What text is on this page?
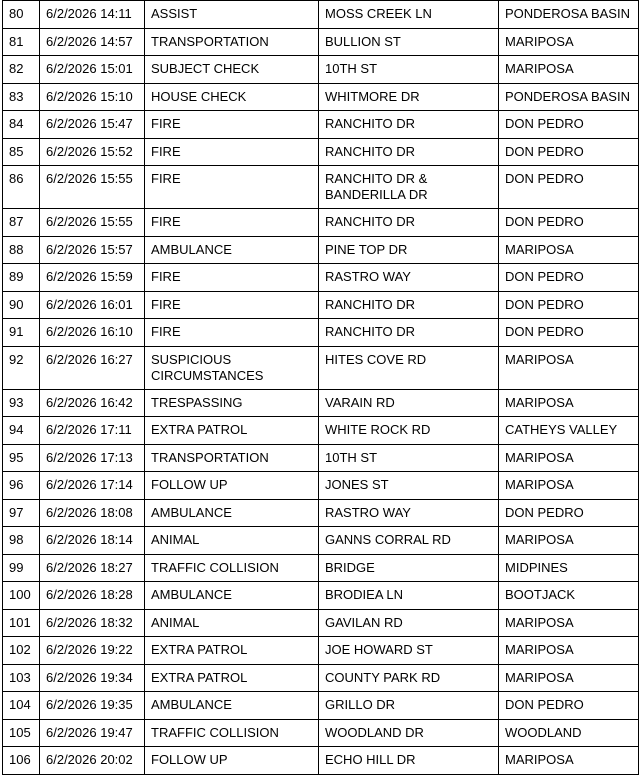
80	6/2/2026 14:11	ASSIST	MOSS CREEK LN	PONDEROSA BASIN
81	6/2/2026 14:57	TRANSPORTATION	BULLION ST	MARIPOSA
82	6/2/2026 15:01	SUBJECT CHECK	10TH ST	MARIPOSA
83	6/2/2026 15:10	HOUSE CHECK	WHITMORE DR	PONDEROSA BASIN
84	6/2/2026 15:47	FIRE	RANCHITO DR	DON PEDRO
85	6/2/2026 15:52	FIRE	RANCHITO DR	DON PEDRO
86	6/2/2026 15:55	FIRE	RANCHITO DR & BANDERILLA DR	DON PEDRO
87	6/2/2026 15:55	FIRE	RANCHITO DR	DON PEDRO
88	6/2/2026 15:57	AMBULANCE	PINE TOP DR	MARIPOSA
89	6/2/2026 15:59	FIRE	RASTRO WAY	DON PEDRO
90	6/2/2026 16:01	FIRE	RANCHITO DR	DON PEDRO
91	6/2/2026 16:10	FIRE	RANCHITO DR	DON PEDRO
92	6/2/2026 16:27	SUSPICIOUS CIRCUMSTANCES	HITES COVE RD	MARIPOSA
93	6/2/2026 16:42	TRESPASSING	VARAIN RD	MARIPOSA
94	6/2/2026 17:11	EXTRA PATROL	WHITE ROCK RD	CATHEYS VALLEY
95	6/2/2026 17:13	TRANSPORTATION	10TH ST	MARIPOSA
96	6/2/2026 17:14	FOLLOW UP	JONES ST	MARIPOSA
97	6/2/2026 18:08	AMBULANCE	RASTRO WAY	DON PEDRO
98	6/2/2026 18:14	ANIMAL	GANNS CORRAL RD	MARIPOSA
99	6/2/2026 18:27	TRAFFIC COLLISION	BRIDGE	MIDPINES
100	6/2/2026 18:28	AMBULANCE	BRODIEA LN	BOOTJACK
101	6/2/2026 18:32	ANIMAL	GAVILAN RD	MARIPOSA
102	6/2/2026 19:22	EXTRA PATROL	JOE HOWARD ST	MARIPOSA
103	6/2/2026 19:34	EXTRA PATROL	COUNTY PARK RD	MARIPOSA
104	6/2/2026 19:35	AMBULANCE	GRILLO DR	DON PEDRO
105	6/2/2026 19:47	TRAFFIC COLLISION	WOODLAND DR	WOODLAND
106	6/2/2026 20:02	FOLLOW UP	ECHO HILL DR	MARIPOSA
